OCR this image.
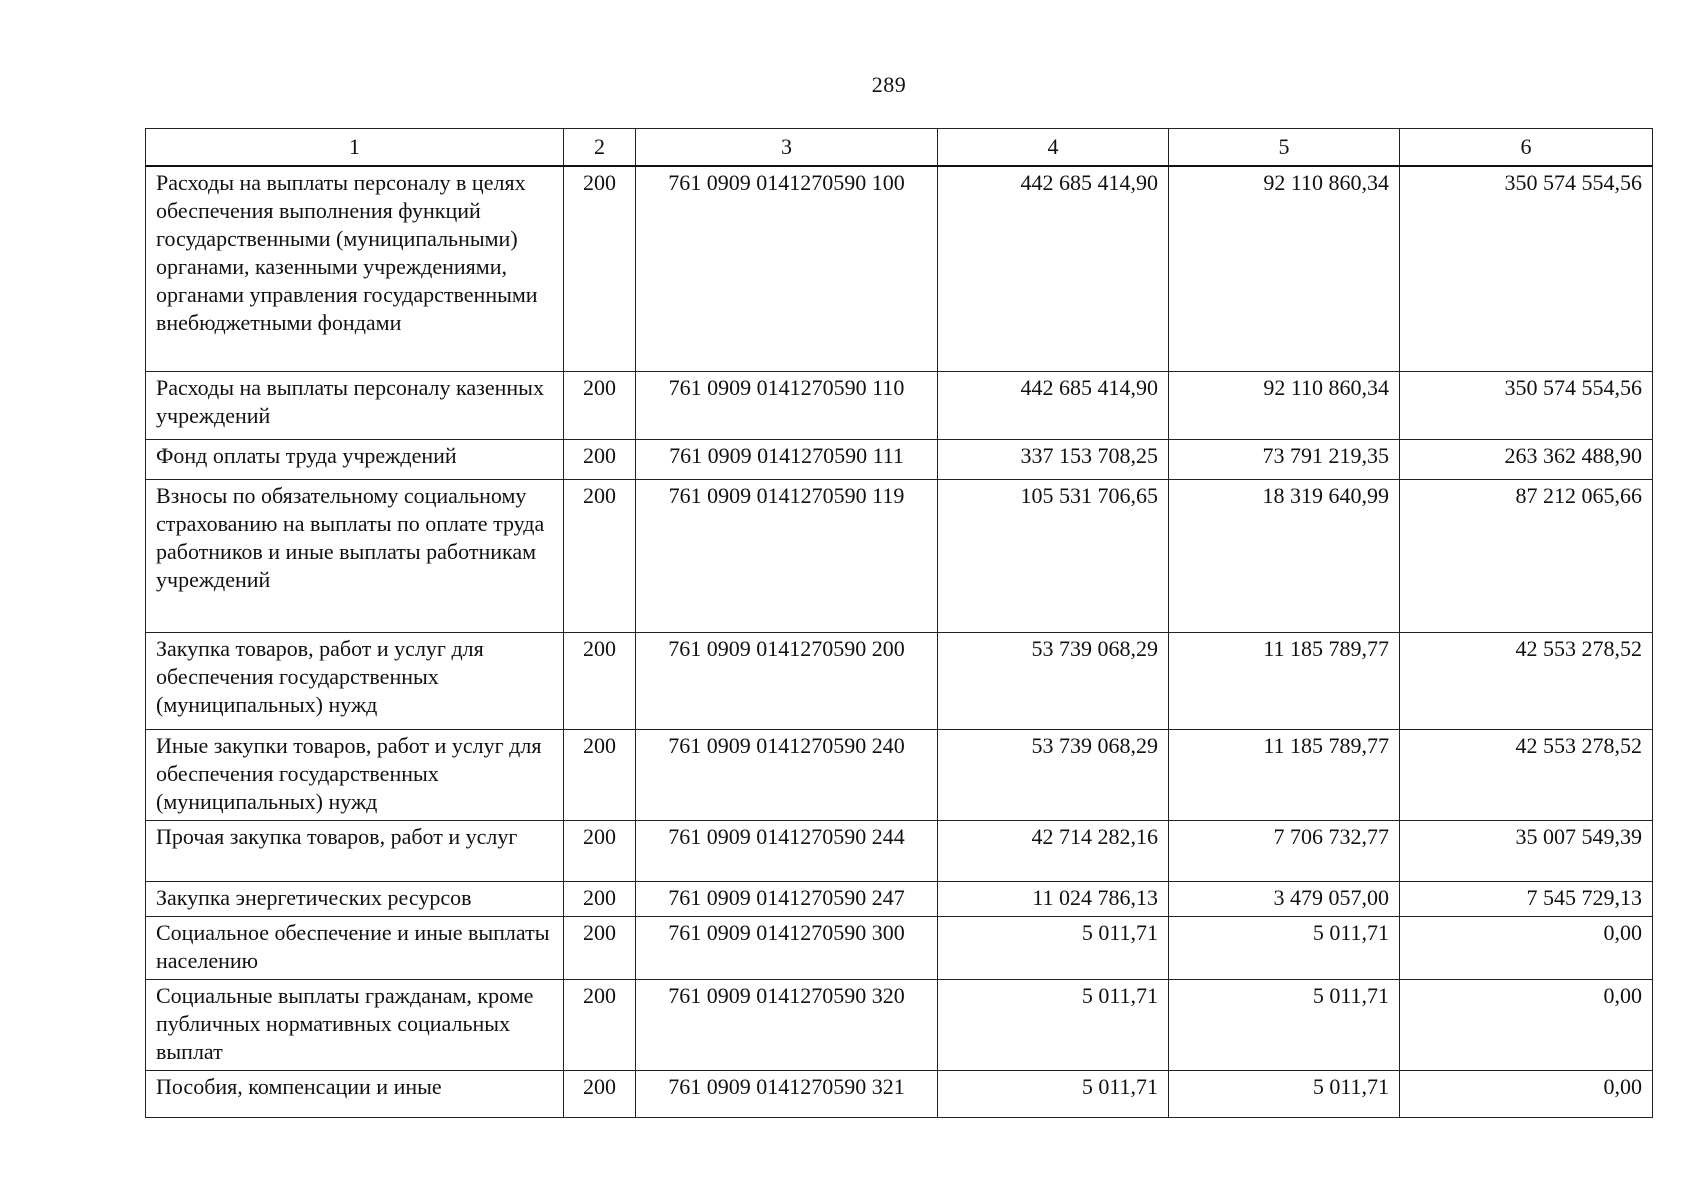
289
1	2	3	4	5	6
Расходы на выплаты персоналу в целях обеспечения выполнения функций государственными (муниципальными) органами, казенными учреждениями, органами управления государственными внебюджетными фондами	200	761 0909 0141270590 100	442 685 414,90	92 110 860,34	350 574 554,56
Расходы на выплаты персоналу казенных учреждений	200	761 0909 0141270590 110	442 685 414,90	92 110 860,34	350 574 554,56
Фонд оплаты труда учреждений	200	761 0909 0141270590 111	337 153 708,25	73 791 219,35	263 362 488,90
Взносы по обязательному социальному страхованию на выплаты по оплате труда работников и иные выплаты работникам учреждений	200	761 0909 0141270590 119	105 531 706,65	18 319 640,99	87 212 065,66
Закупка товаров, работ и услуг для обеспечения государственных (муниципальных) нужд	200	761 0909 0141270590 200	53 739 068,29	11 185 789,77	42 553 278,52
Иные закупки товаров, работ и услуг для обеспечения государственных (муниципальных) нужд	200	761 0909 0141270590 240	53 739 068,29	11 185 789,77	42 553 278,52
Прочая закупка товаров, работ и услуг	200	761 0909 0141270590 244	42 714 282,16	7 706 732,77	35 007 549,39
Закупка энергетических ресурсов	200	761 0909 0141270590 247	11 024 786,13	3 479 057,00	7 545 729,13
Социальное обеспечение и иные выплаты населению	200	761 0909 0141270590 300	5 011,71	5 011,71	0,00
Социальные выплаты гражданам, кроме публичных нормативных социальных выплат	200	761 0909 0141270590 320	5 011,71	5 011,71	0,00
Пособия, компенсации и иные	200	761 0909 0141270590 321	5 011,71	5 011,71	0,00
